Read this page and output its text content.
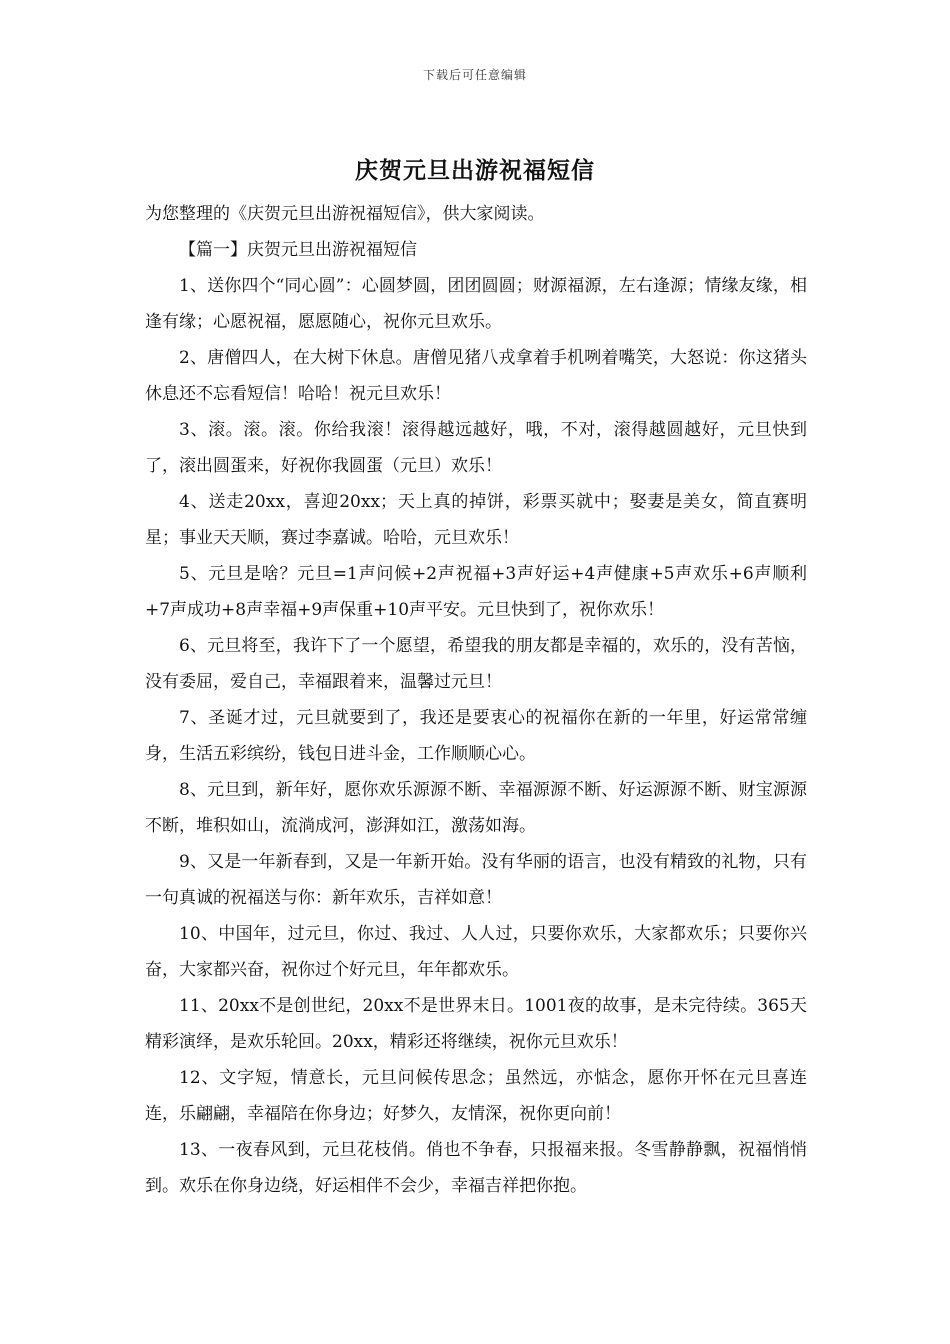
下载后可任意编辑
庆贺元旦出游祝福短信

为您整理的《庆贺元旦出游祝福短信》，供大家阅读。

【篇一】庆贺元旦出游祝福短信

1、送你四个“同心圆”：心圆梦圆，团团圆圆；财源福源，左右逢源；情缘友缘，相逢有缘；心愿祝福，愿愿随心，祝你元旦欢乐。

2、唐僧四人，在大树下休息。唐僧见猪八戎拿着手机咧着嘴笑，大怒说：你这猪头休息还不忘看短信！哈哈！祝元旦欢乐！

3、滚。滚。滚。你给我滚！滚得越远越好，哦，不对，滚得越圆越好，元旦快到了，滚出圆蛋来，好祝你我圆蛋（元旦）欢乐！

4、送走20xx，喜迎20xx；天上真的掉饼，彩票买就中；娶妻是美女，简直赛明星；事业天天顺，赛过李嘉诚。哈哈，元旦欢乐！

5、元旦是啥？元旦=1声问候+2声祝福+3声好运+4声健康+5声欢乐+6声顺利+7声成功+8声幸福+9声保重+10声平安。元旦快到了，祝你欢乐！

6、元旦将至，我许下了一个愿望，希望我的朋友都是幸福的，欢乐的，没有苦恼，没有委屈，爱自己，幸福跟着来，温馨过元旦！

7、圣诞才过，元旦就要到了，我还是要衷心的祝福你在新的一年里，好运常常缠身，生活五彩缤纷，钱包日进斗金，工作顺顺心心。

8、元旦到，新年好，愿你欢乐源源不断、幸福源源不断、好运源源不断、财宝源源不断，堆积如山，流淌成河，澎湃如江，激荡如海。

9、又是一年新春到，又是一年新开始。没有华丽的语言，也没有精致的礼物，只有一句真诚的祝福送与你：新年欢乐，吉祥如意！

10、中国年，过元旦，你过、我过、人人过，只要你欢乐，大家都欢乐；只要你兴奋，大家都兴奋，祝你过个好元旦，年年都欢乐。

11、20xx不是创世纪，20xx不是世界末日。1001夜的故事，是未完待续。365天精彩演绎，是欢乐轮回。20xx，精彩还将继续，祝你元旦欢乐！

12、文字短，情意长，元旦问候传思念；虽然远，亦惦念，愿你开怀在元旦喜连连，乐翩翩，幸福陪在你身边；好梦久，友情深，祝你更向前！

13、一夜春风到，元旦花枝俏。俏也不争春，只报福来报。冬雪静静飘，祝福悄悄到。欢乐在你身边绕，好运相伴不会少，幸福吉祥把你抱。
